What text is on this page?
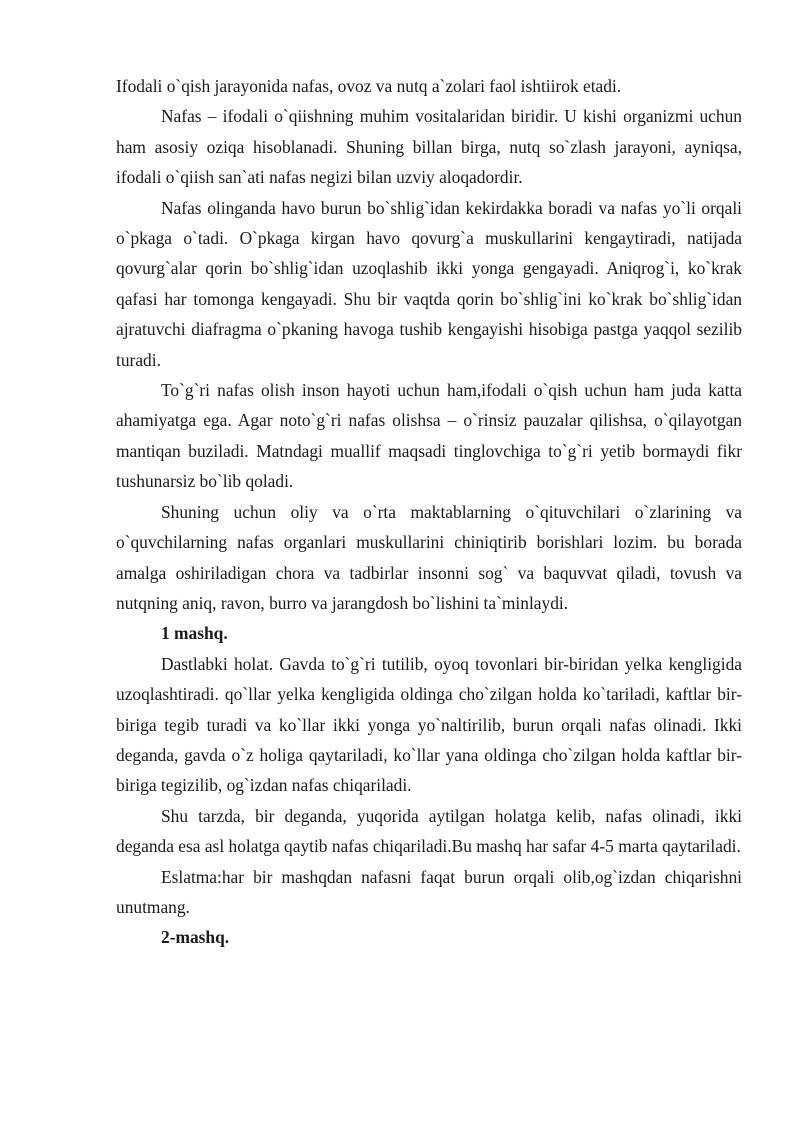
Ifodali o`qish jarayonida nafas, ovoz va nutq a`zolari faol ishtiirok etadi.

Nafas – ifodali o`qiishning muhim vositalaridan biridir. U kishi organizmi uchun ham asosiy oziqa hisoblanadi. Shuning billan birga, nutq so`zlash jarayoni, ayniqsa, ifodali o`qiish san`ati nafas negizi bilan uzviy aloqadordir.

Nafas olinganda havo burun bo`shlig`idan kekirdakka boradi va nafas yo`li orqali o`pkaga o`tadi. O`pkaga kirgan havo qovurg`a muskullarini kengaytiradi, natijada qovurg`alar qorin bo`shlig`idan uzoqlashib ikki yonga gengayadi. Aniqrog`i, ko`krak qafasi har tomonga kengayadi. Shu bir vaqtda qorin bo`shlig`ini ko`krak bo`shlig`idan ajratuvchi diafragma o`pkaning havoga tushib kengayishi hisobiga pastga yaqqol sezilib turadi.

To`g`ri nafas olish inson hayoti uchun ham,ifodali o`qish uchun ham juda katta ahamiyatga ega. Agar noto`g`ri nafas olishsa – o`rinsiz pauzalar qilishsa, o`qilayotgan mantiqan buziladi. Matndagi muallif maqsadi tinglovchiga to`g`ri yetib bormaydi fikr tushunarsiz bo`lib qoladi.

Shuning uchun oliy va o`rta maktablarning o`qituvchilari o`zlarining va o`quvchilarning nafas organlari muskullarini chiniqtirib borishlari lozim. bu borada amalga oshiriladigan chora va tadbirlar insonni sog` va baquvvat qiladi, tovush va nutqning aniq, ravon, burro va jarangdosh bo`lishini ta`minlaydi.

1 mashq.

Dastlabki holat. Gavda to`g`ri tutilib, oyoq tovonlari bir-biridan yelka kengligida uzoqlashtiradi. qo`llar yelka kengligida oldinga cho`zilgan holda ko`tariladi, kaftlar bir-biriga tegib turadi va ko`llar ikki yonga yo`naltirilib, burun orqali nafas olinadi. Ikki deganda, gavda o`z holiga qaytariladi, ko`llar yana oldinga cho`zilgan holda kaftlar bir-biriga tegizilib, og`izdan nafas chiqariladi.

Shu tarzda, bir deganda, yuqorida aytilgan holatga kelib, nafas olinadi, ikki deganda esa asl holatga qaytib nafas chiqariladi.Bu mashq har safar 4-5 marta qaytariladi.

Eslatma:har bir mashqdan nafasni faqat burun orqali olib,og`izdan chiqarishni unutmang.

2-mashq.
